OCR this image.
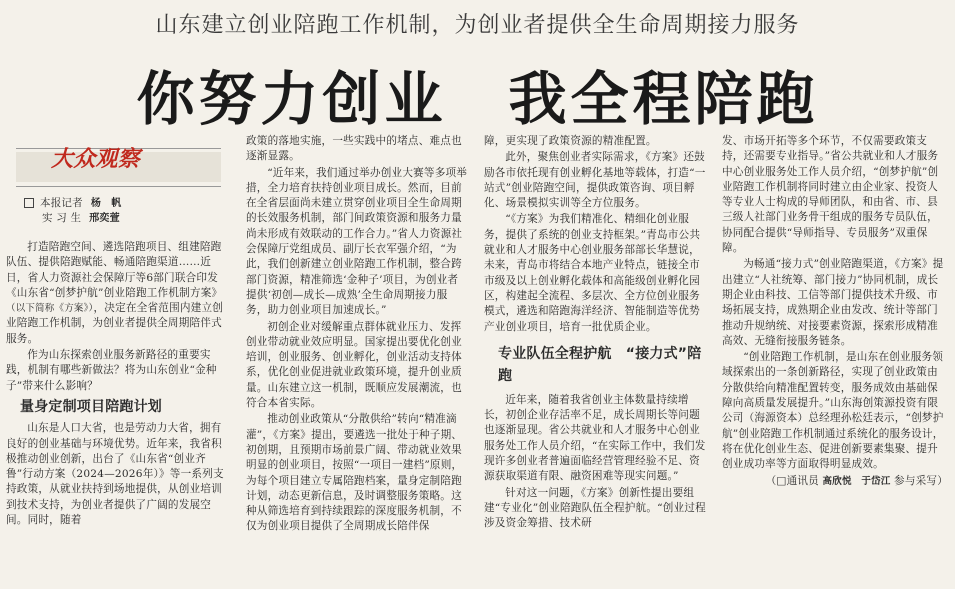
山东建立创业陪跑工作机制，为创业者提供全生命周期接力服务
你努力创业　我全程陪跑
大众观察
本报记者 杨　帆
实 习 生 邢奕萱

打造陪跑空间、遴选陪跑项目、组建陪跑队伍、提供陪跑赋能、畅通陪跑渠道……近日，省人力资源社会保障厅等6部门联合印发《山东省“创梦护航”创业陪跑工作机制方案》（以下简称《方案》），决定在全省范围内建立创业陪跑工作机制，为创业者提供全周期陪伴式服务。

作为山东探索创业服务新路径的重要实践，机制有哪些新做法？将为山东创业“金种子”带来什么影响？

量身定制项目陪跑计划

山东是人口大省，也是劳动力大省，拥有良好的创业基础与环境优势。近年来，我省积极推动创业创新，出台了《山东省“创业齐鲁”行动方案（2024—2026年）》等一系列支持政策，从就业扶持到场地提供，从创业培训到技术支持，为创业者提供了广阔的发展空间。同时，随着

政策的落地实施，一些实践中的堵点、难点也逐渐显露。

“近年来，我们通过举办创业大赛等多项举措，全力培育扶持创业项目成长。然而，目前在全省层面尚未建立贯穿创业项目全生命周期的长效服务机制，部门间政策资源和服务力量尚未形成有效联动的工作合力。”省人力资源社会保障厅党组成员、副厅长衣军强介绍，“为此，我们创新建立创业陪跑工作机制，整合跨部门资源，精准筛选‘金种子’项目，为创业者提供‘初创—成长—成熟’全生命周期接力服务，助力创业项目加速成长。”

初创企业对缓解重点群体就业压力、发挥创业带动就业效应明显。国家提出要优化创业培训，创业服务、创业孵化，创业活动支持体系，优化创业促进就业政策环境，提升创业质量。山东建立这一机制，既顺应发展潮流，也符合本省实际。

推动创业政策从“分散供给”转向“精准滴灌”，《方案》提出，要遴选一批处于种子期、初创期，且预期市场前景广阔、带动就业效果明显的创业项目，按照“一项目一建档”原则，为每个项目建立专属陪跑档案，量身定制陪跑计划，动态更新信息，及时调整服务策略。这种从筛选培育到持续跟踪的深度服务机制，不仅为创业项目提供了全周期成长陪伴保

障，更实现了政策资源的精准配置。

此外，聚焦创业者实际需求，《方案》还鼓励各市依托现有创业孵化基地等载体，打造“一站式”创业陪跑空间，提供政策咨询、项目孵化、场景模拟实训等全方位服务。

“《方案》为我们精准化、精细化创业服务，提供了系统的创业支持框架。”青岛市公共就业和人才服务中心创业服务部部长华慧说，未来，青岛市将结合本地产业特点，链接全市市级及以上创业孵化载体和高能级创业孵化园区，构建起全流程、多层次、全方位创业服务模式，遴选和陪跑海洋经济、智能制造等优势产业创业项目，培育一批优质企业。

专业队伍全程护航　“接力式”陪跑

近年来，随着我省创业主体数量持续增长，初创企业存活率不足，成长周期长等问题也逐渐显现。省公共就业和人才服务中心创业服务处工作人员介绍，“在实际工作中，我们发现许多创业者普遍面临经营管理经验不足、资源获取渠道有限、融资困难等现实问题。”

针对这一问题，《方案》创新性提出要组建“专业化”创业陪跑队伍全程护航。“创业过程涉及资金筹措、技术研

发、市场开拓等多个环节，不仅需要政策支持，还需要专业指导。”省公共就业和人才服务中心创业服务处工作人员介绍，“创梦护航”创业陪跑工作机制将同时建立由企业家、投资人等专业人士构成的导师团队，和由省、市、县三级人社部门业务骨干组成的服务专员队伍，协同配合提供“导师指导、专员服务”双重保障。

为畅通“接力式”创业陪跑渠道，《方案》提出建立“人社统筹、部门接力”协同机制，成长期企业由科技、工信等部门提供技术升级、市场拓展支持，成熟期企业由发改、统计等部门推动升规纳统、对接要素资源，探索形成精准高效、无缝衔接服务链条。

“创业陪跑工作机制，是山东在创业服务领域探索出的一条创新路径，实现了创业政策由分散供给向精准配置转变，服务成效由基础保障向高质量发展提升。”山东海创策源投资有限公司（海源资本）总经理孙松廷表示，“创梦护航”创业陪跑工作机制通过系统化的服务设计，将在优化创业生态、促进创新要素集聚、提升创业成功率等方面取得明显成效。

（□通讯员 高欣悦　于岱江 参与采写）
